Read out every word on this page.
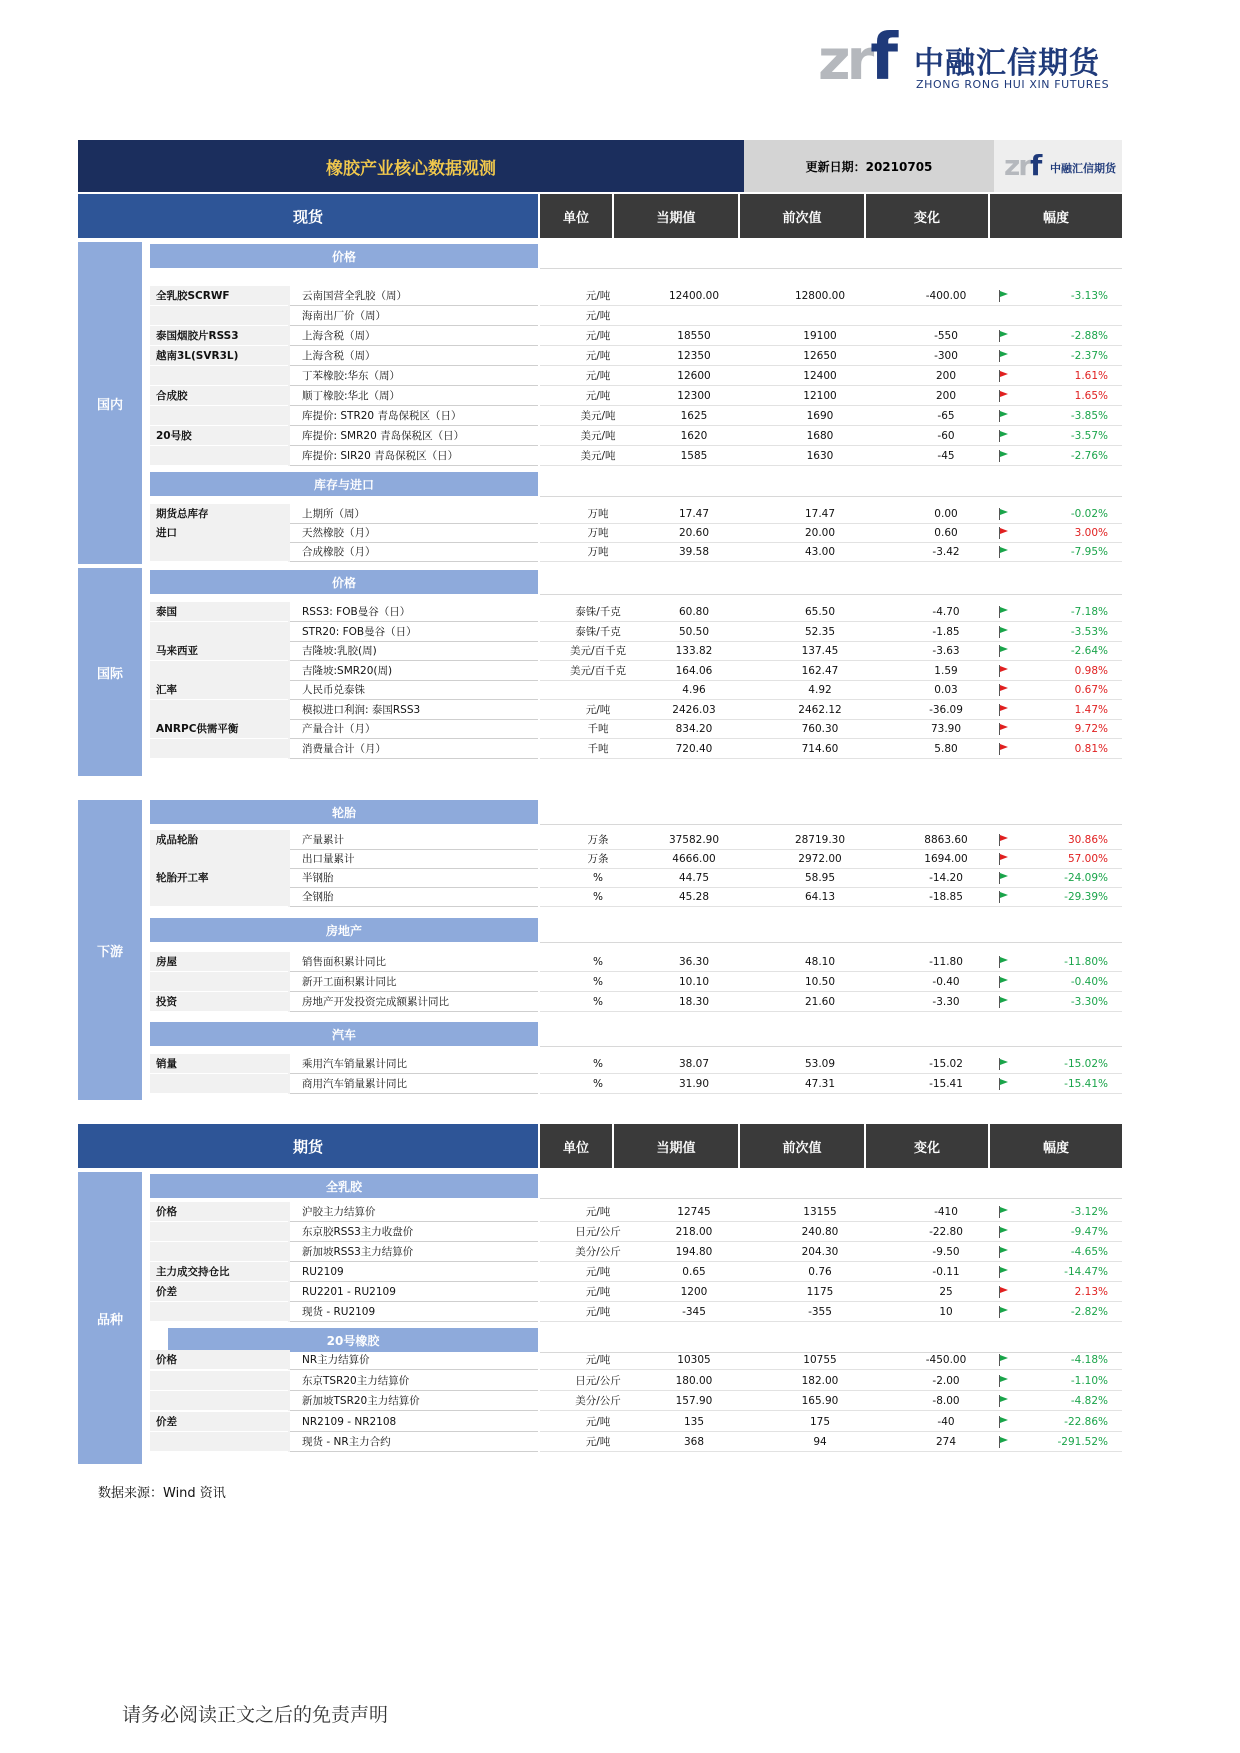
zrf 中融汇信期货
ZHONG RONG HUI XIN FUTURES
橡胶产业核心数据观测	更新日期：20210705	zrf 中融汇信期货
现货	单位	当期值	前次值	变化	幅度
国内
国际
下游
品种
价格
库存与进口
价格
轮胎
房地产
汽车
期货	单位	当期值	前次值	变化	幅度
全乳胶
20号橡胶
全乳胶SCRWF	云南国营全乳胶（周）	元/吨	12400.00	12800.00	-400.00	-3.13%
海南出厂价（周）	元/吨
泰国烟胶片RSS3	上海含税（周）	元/吨	18550	19100	-550	-2.88%
越南3L(SVR3L)	上海含税（周）	元/吨	12350	12650	-300	-2.37%
丁苯橡胶:华东（周）	元/吨	12600	12400	200	1.61%
合成胶	顺丁橡胶:华北（周）	元/吨	12300	12100	200	1.65%
库提价: STR20 青岛保税区（日）	美元/吨	1625	1690	-65	-3.85%
20号胶	库提价: SMR20 青岛保税区（日）	美元/吨	1620	1680	-60	-3.57%
库提价: SIR20 青岛保税区（日）	美元/吨	1585	1630	-45	-2.76%
期货总库存	上期所（周）	万吨	17.47	17.47	0.00	-0.02%
进口	天然橡胶（月）	万吨	20.60	20.00	0.60	3.00%
合成橡胶（月）	万吨	39.58	43.00	-3.42	-7.95%
泰国	RSS3: FOB曼谷（日）	泰铢/千克	60.80	65.50	-4.70	-7.18%
STR20: FOB曼谷（日）	泰铢/千克	50.50	52.35	-1.85	-3.53%
马来西亚	吉隆坡:乳胶(周)	美元/百千克	133.82	137.45	-3.63	-2.64%
吉隆坡:SMR20(周)	美元/百千克	164.06	162.47	1.59	0.98%
汇率	人民币兑泰铢	4.96	4.92	0.03	0.67%
模拟进口利润: 泰国RSS3	元/吨	2426.03	2462.12	-36.09	1.47%
ANRPC供需平衡	产量合计（月）	千吨	834.20	760.30	73.90	9.72%
消费量合计（月）	千吨	720.40	714.60	5.80	0.81%
成品轮胎	产量累计	万条	37582.90	28719.30	8863.60	30.86%
出口量累计	万条	4666.00	2972.00	1694.00	57.00%
轮胎开工率	半钢胎	%	44.75	58.95	-14.20	-24.09%
全钢胎	%	45.28	64.13	-18.85	-29.39%
房屋	销售面积累计同比	%	36.30	48.10	-11.80	-11.80%
新开工面积累计同比	%	10.10	10.50	-0.40	-0.40%
投资	房地产开发投资完成额累计同比	%	18.30	21.60	-3.30	-3.30%
销量	乘用汽车销量累计同比	%	38.07	53.09	-15.02	-15.02%
商用汽车销量累计同比	%	31.90	47.31	-15.41	-15.41%
价格	沪胶主力结算价	元/吨	12745	13155	-410	-3.12%
东京胶RSS3主力收盘价	日元/公斤	218.00	240.80	-22.80	-9.47%
新加坡RSS3主力结算价	美分/公斤	194.80	204.30	-9.50	-4.65%
主力成交持仓比	RU2109	元/吨	0.65	0.76	-0.11	-14.47%
价差	RU2201 - RU2109	元/吨	1200	1175	25	2.13%
现货 - RU2109	元/吨	-345	-355	10	-2.82%
价格	NR主力结算价	元/吨	10305	10755	-450.00	-4.18%
东京TSR20主力结算价	日元/公斤	180.00	182.00	-2.00	-1.10%
新加坡TSR20主力结算价	美分/公斤	157.90	165.90	-8.00	-4.82%
价差	NR2109 - NR2108	元/吨	135	175	-40	-22.86%
现货 - NR主力合约	元/吨	368	94	274	-291.52%
数据来源：Wind 资讯
请务必阅读正文之后的免责声明
